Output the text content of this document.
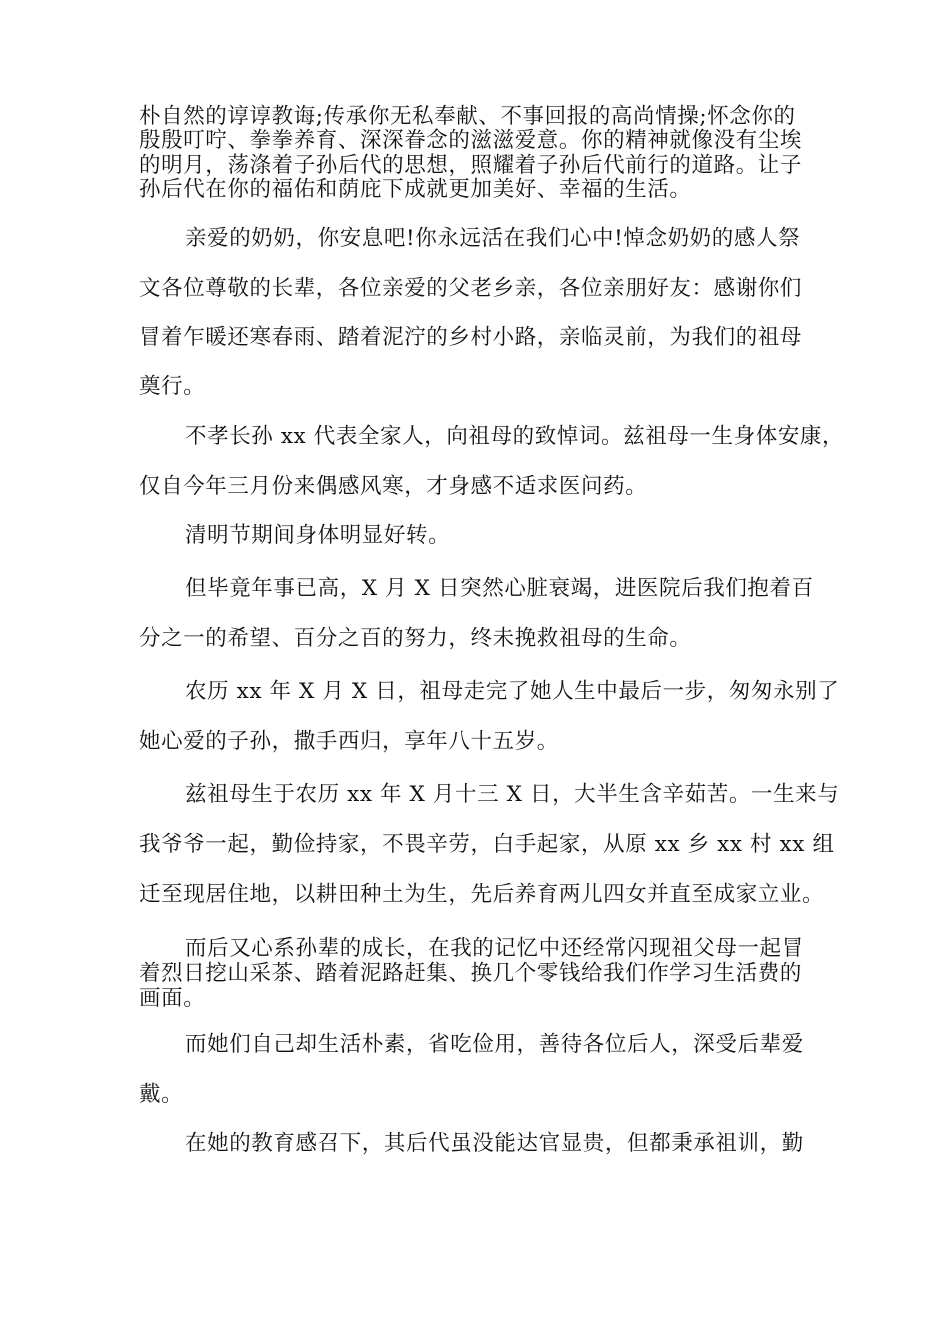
朴自然的谆谆教诲;传承你无私奉献、不事回报的高尚情操;怀念你的
殷殷叮咛、拳拳养育、深深眷念的滋滋爱意。你的精神就像没有尘埃
的明月，荡涤着子孙后代的思想，照耀着子孙后代前行的道路。让子
孙后代在你的福佑和荫庇下成就更加美好、幸福的生活。
亲爱的奶奶，你安息吧!你永远活在我们心中!悼念奶奶的感人祭
文各位尊敬的长辈，各位亲爱的父老乡亲，各位亲朋好友：感谢你们
冒着乍暖还寒春雨、踏着泥泞的乡村小路，亲临灵前，为我们的祖母
奠行。
不孝长孙 xx 代表全家人，向祖母的致悼词。兹祖母一生身体安康，
仅自今年三月份来偶感风寒，才身感不适求医问药。
清明节期间身体明显好转。
但毕竟年事已高，X 月 X 日突然心脏衰竭，进医院后我们抱着百
分之一的希望、百分之百的努力，终未挽救祖母的生命。
农历 xx 年 X 月 X 日，祖母走完了她人生中最后一步，匆匆永别了
她心爱的子孙，撒手西归，享年八十五岁。
兹祖母生于农历 xx 年 X 月十三 X 日，大半生含辛茹苦。一生来与
我爷爷一起，勤俭持家，不畏辛劳，白手起家，从原 xx 乡 xx 村 xx 组
迁至现居住地，以耕田种土为生，先后养育两儿四女并直至成家立业。
而后又心系孙辈的成长，在我的记忆中还经常闪现祖父母一起冒
着烈日挖山采茶、踏着泥路赶集、换几个零钱给我们作学习生活费的
画面。
而她们自己却生活朴素，省吃俭用，善待各位后人，深受后辈爱
戴。
在她的教育感召下，其后代虽没能达官显贵，但都秉承祖训，勤
